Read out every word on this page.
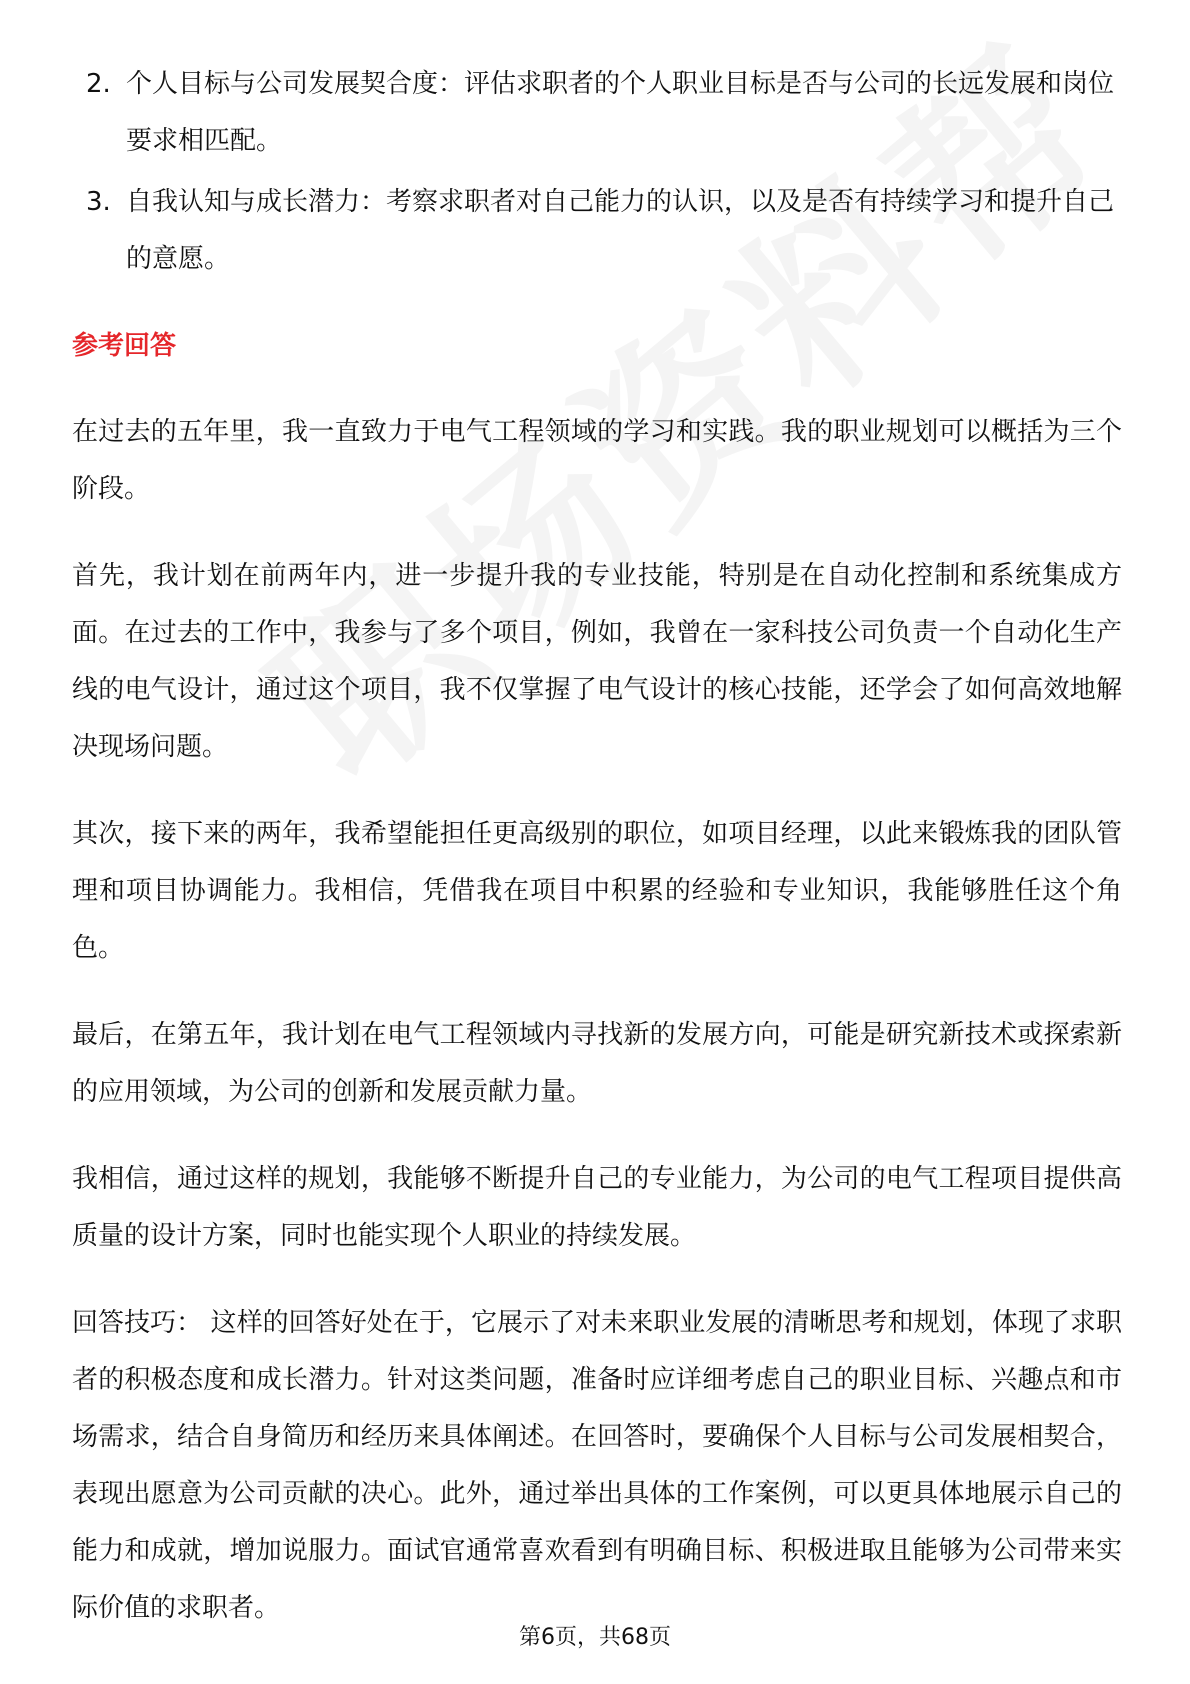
2. 个人目标与公司发展契合度：评估求职者的个人职业目标是否与公司的长远发展和岗位要求相匹配。
3. 自我认知与成长潜力：考察求职者对自己能力的认识，以及是否有持续学习和提升自己的意愿。
参考回答

在过去的五年里，我一直致力于电气工程领域的学习和实践。我的职业规划可以概括为三个阶段。

首先，我计划在前两年内，进一步提升我的专业技能，特别是在自动化控制和系统集成方面。在过去的工作中，我参与了多个项目，例如，我曾在一家科技公司负责一个自动化生产线的电气设计，通过这个项目，我不仅掌握了电气设计的核心技能，还学会了如何高效地解决现场问题。

其次，接下来的两年，我希望能担任更高级别的职位，如项目经理，以此来锻炼我的团队管理和项目协调能力。我相信，凭借我在项目中积累的经验和专业知识，我能够胜任这个角色。

最后，在第五年，我计划在电气工程领域内寻找新的发展方向，可能是研究新技术或探索新的应用领域，为公司的创新和发展贡献力量。

我相信，通过这样的规划，我能够不断提升自己的专业能力，为公司的电气工程项目提供高质量的设计方案，同时也能实现个人职业的持续发展。

回答技巧： 这样的回答好处在于，它展示了对未来职业发展的清晰思考和规划，体现了求职者的积极态度和成长潜力。针对这类问题，准备时应详细考虑自己的职业目标、兴趣点和市场需求，结合自身简历和经历来具体阐述。在回答时，要确保个人目标与公司发展相契合，表现出愿意为公司贡献的决心。此外，通过举出具体的工作案例，可以更具体地展示自己的能力和成就，增加说服力。面试官通常喜欢看到有明确目标、积极进取且能够为公司带来实际价值的求职者。

第6页，共68页
